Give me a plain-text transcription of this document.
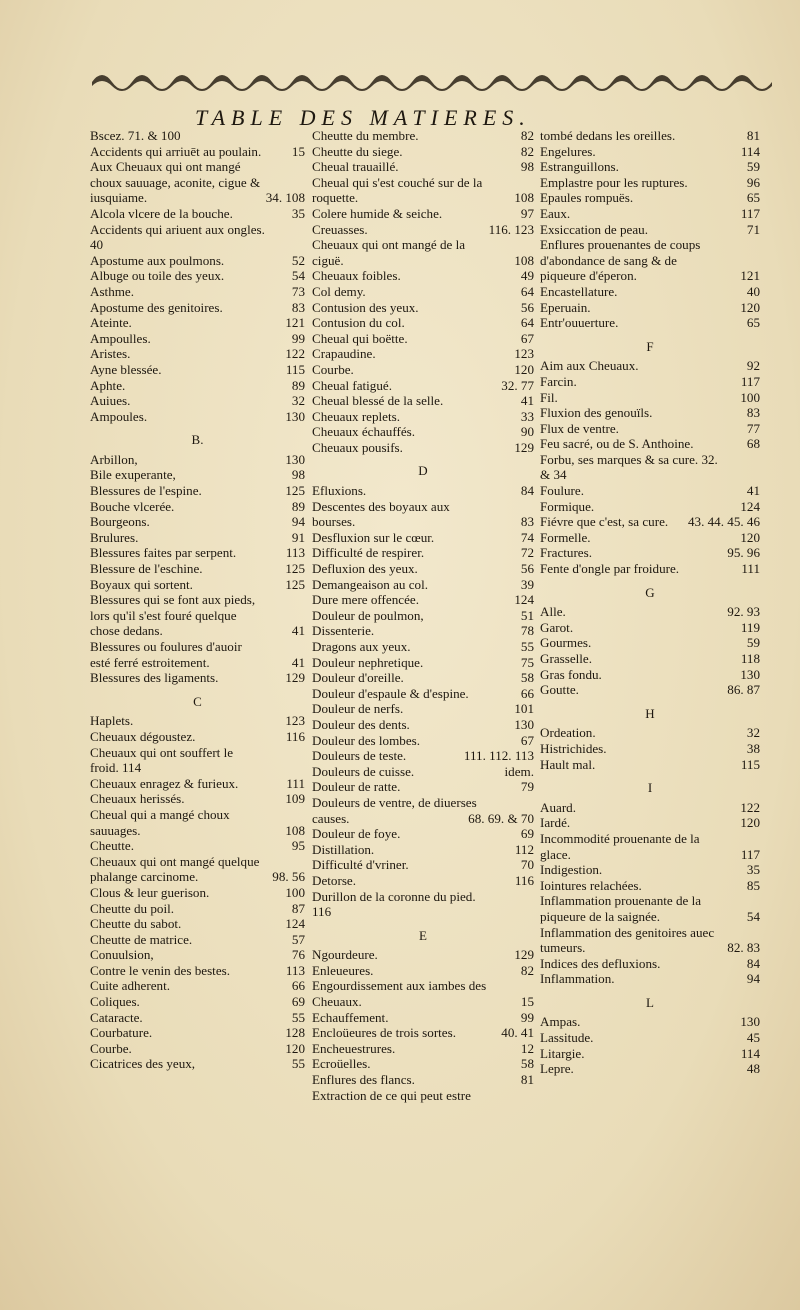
TABLE DES MATIERES.
Bscez. 71. & 100
Accidents qui arriuēt au poulain. 15
Aux Cheuaux qui ont mangé choux sauuage, aconite, cigue & iusquiame.	34. 108
Alcola vlcere de la bouche.	35
Accidents qui ariuent aux ongles. 40
Apostume aux poulmons.	52
Albuge ou toile des yeux.	54
Asthme.	73
Apostume des genitoires.	83
Ateinte.	121
Ampoulles.	99
Aristes.	122
Ayne blessée.	115
Aphte.	89
Auiues.	32
Ampoules.	130
B.
Arbillon,	130
Bile exuperante,	98
Blessures de l'espine.	125
Bouche vlcerée.	89
Bourgeons.	94
Brulures.	91
Blessures faites par serpent.	113
Blessure de l'eschine.	125
Boyaux qui sortent.	125
Blessures qui se font aux pieds, lors qu'il s'est fouré quelque chose dedans.	41
Blessures ou foulures d'auoir esté ferré estroitement.	41
Blessures des ligaments.	129
C
Haplets.	123
Cheuaux dégoustez.	116
Cheuaux qui ont souffert le froid. 114
Cheuaux enragez & furieux.	111
Cheuaux herissés.	109
Cheual qui a mangé choux sauuages.	108
Cheutte.	95
Cheuaux qui ont mangé quelque phalange carcinome.	98. 56
Clous & leur guerison.	100
Cheutte du poil.	87
Cheutte du sabot.	124
Cheutte de matrice.	57
Conuulsion,	76
Contre le venin des bestes.	113
Cuite adherent.	66
Coliques.	69
Cataracte.	55
Courbature.	128
Courbe.	120
Cicatrices des yeux,	55
Cheutte du membre.	82
Cheutte du siege.	82
Cheual trauaillé.	98
Cheual qui s'est couché sur de la roquette.	108
Colere humide & seiche.	97
Creuasses.	116. 123
Cheuaux qui ont mangé de la ciguë.	108
Cheuaux foibles.	49
Col demy.	64
Contusion des yeux.	56
Contusion du col.	64
Cheual qui boëtte.	67
Crapaudine.	123
Courbe.	120
Cheual fatigué.	32. 77
Cheual blessé de la selle.	41
Cheuaux replets.	33
Cheuaux échauffés.	90
Cheuaux pousifs.	129
D
Efluxions.	84
Descentes des boyaux aux bourses.	83
Desfluxion sur le cœur.	74
Difficulté de respirer.	72
Defluxion des yeux.	56
Demangeaison au col.	39
Dure mere offencée.	124
Douleur de poulmon,	51
Dissenterie.	78
Dragons aux yeux.	55
Douleur nephretique.	75
Douleur d'oreille.	58
Douleur d'espaule & d'espine.	66
Douleur de nerfs.	101
Douleur des dents.	130
Douleur des lombes.	67
Douleurs de teste.	111. 112. 113
Douleurs de cuisse.	idem.
Douleur de ratte.	79
Douleurs de ventre, de diuerses causes.	68. 69. & 70
Douleur de foye.	69
Distillation.	112
Difficulté d'vriner.	70
Detorse.	116
Durillon de la coronne du pied. 116
E
Ngourdeure.	129
Enleueures.	82
Engourdissement aux iambes des Cheuaux.	15
Echauffement.	99
Encloüeures de trois sortes.	40. 41
Encheuestrures.	12
Ecroüelles.	58
Enflures des flancs.	81
Extraction de ce qui peut estre
tombé dedans les oreilles.	81
Engelures.	114
Estranguillons.	59
Emplastre pour les ruptures.	96
Epaules rompuës.	65
Eaux.	117
Exsiccation de peau.	71
Enflures prouenantes de coups d'abondance de sang & de piqueure d'éperon.	121
Encastellature.	40
Eperuain.	120
Entr'ouuerture.	65
F
Aim aux Cheuaux.	92
Farcin.	117
Fil.	100
Fluxion des genouïls.	83
Flux de ventre.	77
Feu sacré, ou de S. Anthoine.	68
Forbu, ses marques & sa cure. 32. & 34
Foulure.	41
Formique.	124
Fiévre que c'est, sa cure. 43. 44. 45. 46
Formelle.	120
Fractures.	95. 96
Fente d'ongle par froidure.	111
G
Alle.	92. 93
Garot.	119
Gourmes.	59
Grasselle.	118
Gras fondu.	130
Goutte.	86. 87
H
Ordeation.	32
Histrichides.	38
Hault mal.	115
I
Auard.	122
Iardé.	120
Incommodité prouenante de la glace.	117
Indigestion.	35
Iointures relachées.	85
Inflammation prouenante de la piqueure de la saignée.	54
Inflammation des genitoires auec tumeurs.	82. 83
Indices des defluxions.	84
Inflammation.	94
L
Ampas.	130
Lassitude.	45
Litargie.	114
Lepre.	48
